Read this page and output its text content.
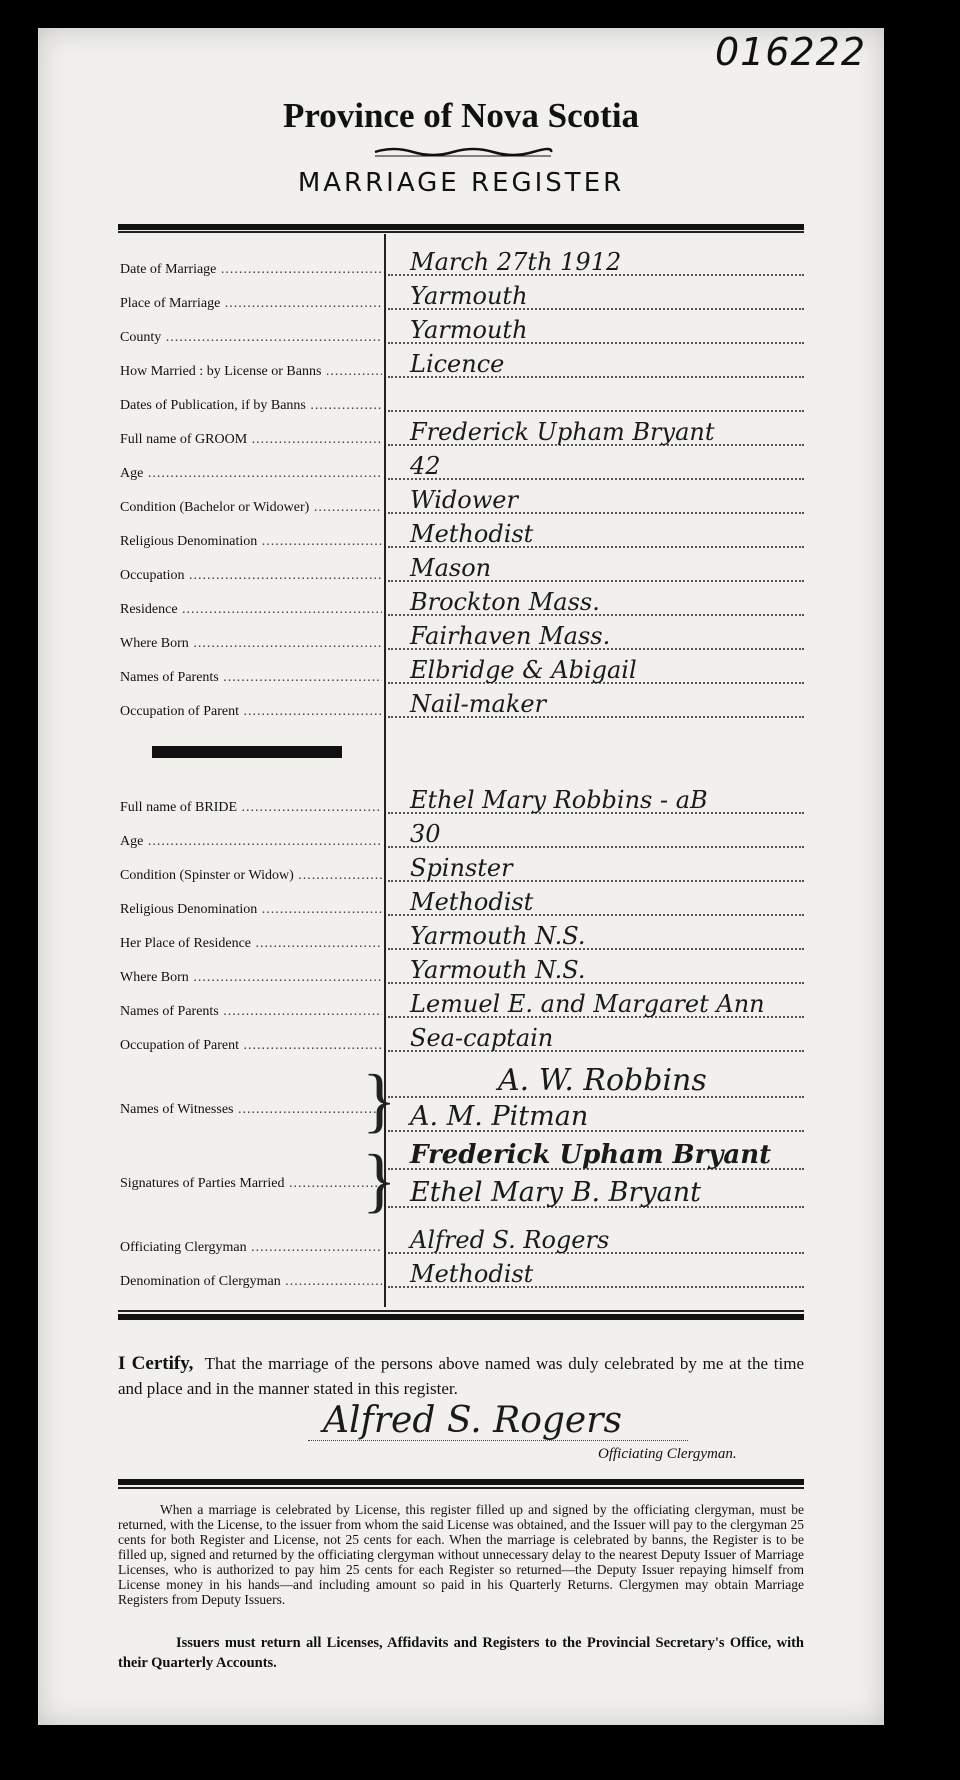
016222
Province of Nova Scotia
MARRIAGE REGISTER
Date of Marriage .....	March 27th 1912
Place of Marriage .....	Yarmouth
County .....	Yarmouth
How Married : by License or Banns .....	Licence
Dates of Publication, if by Banns .....
Full name of GROOM .....	Frederick Upham Bryant
Age .....	42
Condition (Bachelor or Widower) .....	Widower
Religious Denomination .....	Methodist
Occupation .....	Mason
Residence .....	Brockton Mass.
Where Born .....	Fairhaven Mass.
Names of Parents .....	Elbridge & Abigail
Occupation of Parent .....	Nail-maker
Full name of BRIDE .....	Ethel Mary Robbins - aB
Age .....	30
Condition (Spinster or Widow) .....	Spinster
Religious Denomination .....	Methodist
Her Place of Residence .....	Yarmouth N.S.
Where Born .....	Yarmouth N.S.
Names of Parents .....	Lemuel E. and Margaret Ann
Occupation of Parent .....	Sea-captain
A. W. Robbins
Names of Witnesses .....	A. M. Pitman
}
Frederick Upham Bryant
Signatures of Parties Married .....	Ethel Mary B. Bryant
}
Officiating Clergyman .....	Alfred S. Rogers
Denomination of Clergyman .....	Methodist
I Certify, That the marriage of the persons above named was duly celebrated by me at the time and place and in the manner stated in this register.
Alfred S. Rogers
Officiating Clergyman.
When a marriage is celebrated by License, this register filled up and signed by the officiating clergyman, must be returned, with the License, to the issuer from whom the said License was obtained, and the Issuer will pay to the clergyman 25 cents for both Register and License, not 25 cents for each. When the marriage is celebrated by banns, the Register is to be filled up, signed and returned by the officiating clergyman without unnecessary delay to the nearest Deputy Issuer of Marriage Licenses, who is authorized to pay him 25 cents for each Register so returned—the Deputy Issuer repaying himself from License money in his hands—and including amount so paid in his Quarterly Returns. Clergymen may obtain Marriage Registers from Deputy Issuers.
Issuers must return all Licenses, Affidavits and Registers to the Provincial Secretary's Office, with their Quarterly Accounts.
